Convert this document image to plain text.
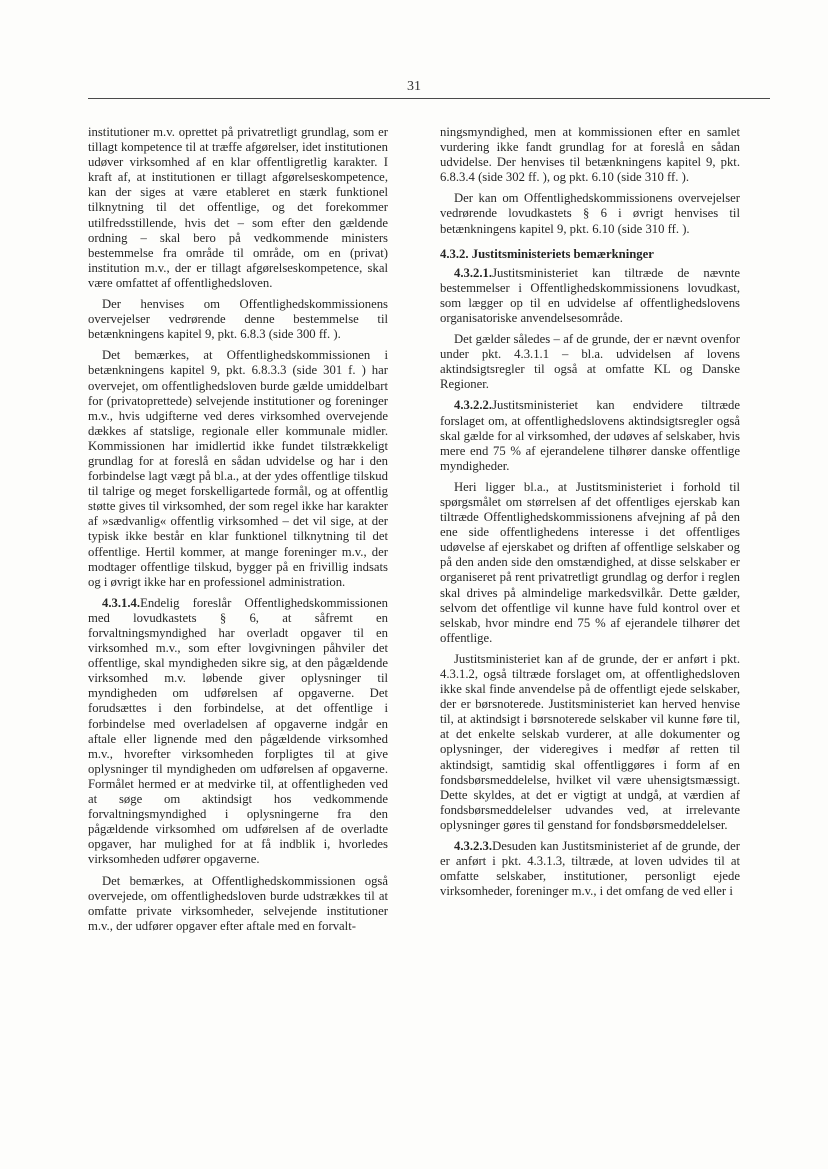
31

institutioner m.v. oprettet på privatretligt grundlag, som er tillagt kompetence til at træffe afgørelser, idet institutionen udøver virksomhed af en klar offentligretlig karakter. I kraft af, at institutionen er tillagt afgørelseskompetence, kan der siges at være etableret en stærk funktionel tilknytning til det offentlige, og det forekommer utilfredsstillende, hvis det – som efter den gældende ordning – skal bero på vedkommende ministers bestemmelse fra område til område, om en (privat) institution m.v., der er tillagt afgørelseskompetence, skal være omfattet af offentlighedsloven.

Der henvises om Offentlighedskommissionens overvejelser vedrørende denne bestemmelse til betænkningens kapitel 9, pkt. 6.8.3 (side 300 ff. ).

Det bemærkes, at Offentlighedskommissionen i betænkningens kapitel 9, pkt. 6.8.3.3 (side 301 f. ) har overvejet, om offentlighedsloven burde gælde umiddelbart for (privatoprettede) selvejende institutioner og foreninger m.v., hvis udgifterne ved deres virksomhed overvejende dækkes af statslige, regionale eller kommunale midler. Kommissionen har imidlertid ikke fundet tilstrækkeligt grundlag for at foreslå en sådan udvidelse og har i den forbindelse lagt vægt på bl.a., at der ydes offentlige tilskud til talrige og meget forskelligartede formål, og at offentlig støtte gives til virksomhed, der som regel ikke har karakter af »sædvanlig« offentlig virksomhed – det vil sige, at der typisk ikke består en klar funktionel tilknytning til det offentlige. Hertil kommer, at mange foreninger m.v., der modtager offentlige tilskud, bygger på en frivillig indsats og i øvrigt ikke har en professionel administration.

4.3.1.4.Endelig foreslår Offentlighedskommissionen med lovudkastets § 6, at såfremt en forvaltningsmyndighed har overladt opgaver til en virksomhed m.v., som efter lovgivningen påhviler det offentlige, skal myndigheden sikre sig, at den pågældende virksomhed m.v. løbende giver oplysninger til myndigheden om udførelsen af opgaverne. Det forudsættes i den forbindelse, at det offentlige i forbindelse med overladelsen af opgaverne indgår en aftale eller lignende med den pågældende virksomhed m.v., hvorefter virksomheden forpligtes til at give oplysninger til myndigheden om udførelsen af opgaverne. Formålet hermed er at medvirke til, at offentligheden ved at søge om aktindsigt hos vedkommende forvaltningsmyndighed i oplysningerne fra den pågældende virksomhed om udførelsen af de overladte opgaver, har mulighed for at få indblik i, hvorledes virksomheden udfører opgaverne.

Det bemærkes, at Offentlighedskommissionen også overvejede, om offentlighedsloven burde udstrækkes til at omfatte private virksomheder, selvejende institutioner m.v., der udfører opgaver efter aftale med en forvalt-

ningsmyndighed, men at kommissionen efter en samlet vurdering ikke fandt grundlag for at foreslå en sådan udvidelse. Der henvises til betænkningens kapitel 9, pkt. 6.8.3.4 (side 302 ff. ), og pkt. 6.10 (side 310 ff. ).

Der kan om Offentlighedskommissionens overvejelser vedrørende lovudkastets § 6 i øvrigt henvises til betænkningens kapitel 9, pkt. 6.10 (side 310 ff. ).

4.3.2. Justitsministeriets bemærkninger

4.3.2.1.Justitsministeriet kan tiltræde de nævnte bestemmelser i Offentlighedskommissionens lovudkast, som lægger op til en udvidelse af offentlighedslovens organisatoriske anvendelsesområde.

Det gælder således – af de grunde, der er nævnt ovenfor under pkt. 4.3.1.1 – bl.a. udvidelsen af lovens aktindsigtsregler til også at omfatte KL og Danske Regioner.

4.3.2.2.Justitsministeriet kan endvidere tiltræde forslaget om, at offentlighedslovens aktindsigtsregler også skal gælde for al virksomhed, der udøves af selskaber, hvis mere end 75 % af ejerandelene tilhører danske offentlige myndigheder.

Heri ligger bl.a., at Justitsministeriet i forhold til spørgsmålet om størrelsen af det offentliges ejerskab kan tiltræde Offentlighedskommissionens afvejning af på den ene side offentlighedens interesse i det offentliges udøvelse af ejerskabet og driften af offentlige selskaber og på den anden side den omstændighed, at disse selskaber er organiseret på rent privatretligt grundlag og derfor i reglen skal drives på almindelige markedsvilkår. Dette gælder, selvom det offentlige vil kunne have fuld kontrol over et selskab, hvor mindre end 75 % af ejerandele tilhører det offentlige.

Justitsministeriet kan af de grunde, der er anført i pkt. 4.3.1.2, også tiltræde forslaget om, at offentlighedsloven ikke skal finde anvendelse på de offentligt ejede selskaber, der er børsnoterede. Justitsministeriet kan herved henvise til, at aktindsigt i børsnoterede selskaber vil kunne føre til, at det enkelte selskab vurderer, at alle dokumenter og oplysninger, der videregives i medfør af retten til aktindsigt, samtidig skal offentliggøres i form af en fondsbørsmeddelelse, hvilket vil være uhensigtsmæssigt. Dette skyldes, at det er vigtigt at undgå, at værdien af fondsbørsmeddelelser udvandes ved, at irrelevante oplysninger gøres til genstand for fondsbørsmeddelelser.

4.3.2.3.Desuden kan Justitsministeriet af de grunde, der er anført i pkt. 4.3.1.3, tiltræde, at loven udvides til at omfatte selskaber, institutioner, personligt ejede virksomheder, foreninger m.v., i det omfang de ved eller i
